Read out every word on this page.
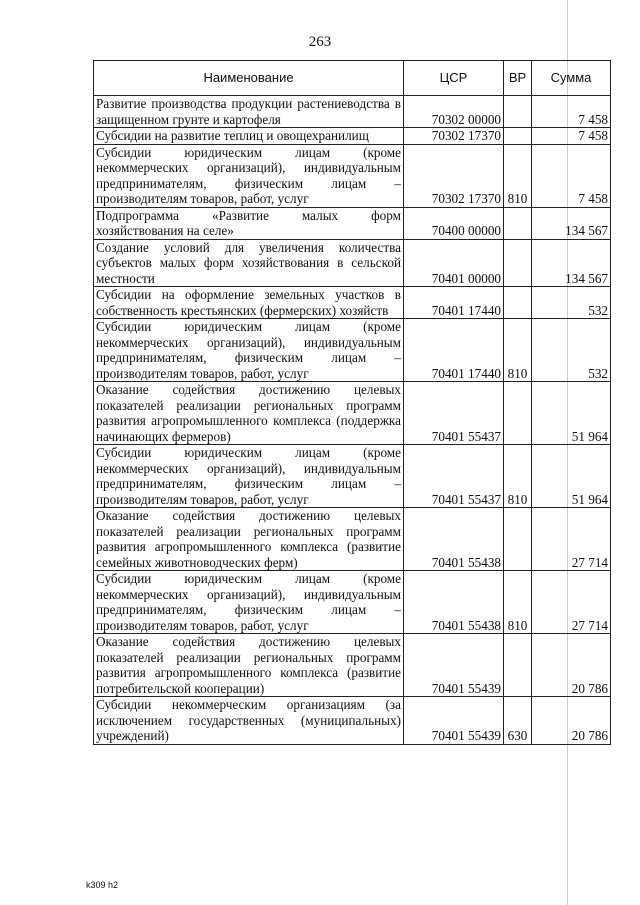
263
Наименование	ЦСР	ВР	Сумма
Развитие производства продукции растениеводства в защищенном грунте и картофеля	70302 00000		7 458
Субсидии на развитие теплиц и овощехранилищ	70302 17370		7 458
Субсидии юридическим лицам (кроме некоммерческих организаций), индивидуальным предпринимателям, физическим лицам – производителям товаров, работ, услуг	70302 17370	810	7 458
Подпрограмма «Развитие малых форм хозяйствования на селе»	70400 00000		134 567
Создание условий для увеличения количества субъектов малых форм хозяйствования в сельской местности	70401 00000		134 567
Субсидии на оформление земельных участков в собственность крестьянских (фермерских) хозяйств	70401 17440		532
Субсидии юридическим лицам (кроме некоммерческих организаций), индивидуальным предпринимателям, физическим лицам – производителям товаров, работ, услуг	70401 17440	810	532
Оказание содействия достижению целевых показателей реализации региональных программ развития агропромышленного комплекса (поддержка начинающих фермеров)	70401 55437		51 964
Субсидии юридическим лицам (кроме некоммерческих организаций), индивидуальным предпринимателям, физическим лицам – производителям товаров, работ, услуг	70401 55437	810	51 964
Оказание содействия достижению целевых показателей реализации региональных программ развития агропромышленного комплекса (развитие семейных животноводческих ферм)	70401 55438		27 714
Субсидии юридическим лицам (кроме некоммерческих организаций), индивидуальным предпринимателям, физическим лицам – производителям товаров, работ, услуг	70401 55438	810	27 714
Оказание содействия достижению целевых показателей реализации региональных программ развития агропромышленного комплекса (развитие потребительской кооперации)	70401 55439		20 786
Субсидии некоммерческим организациям (за исключением государственных (муниципальных) учреждений)	70401 55439	630	20 786
k309 h2
